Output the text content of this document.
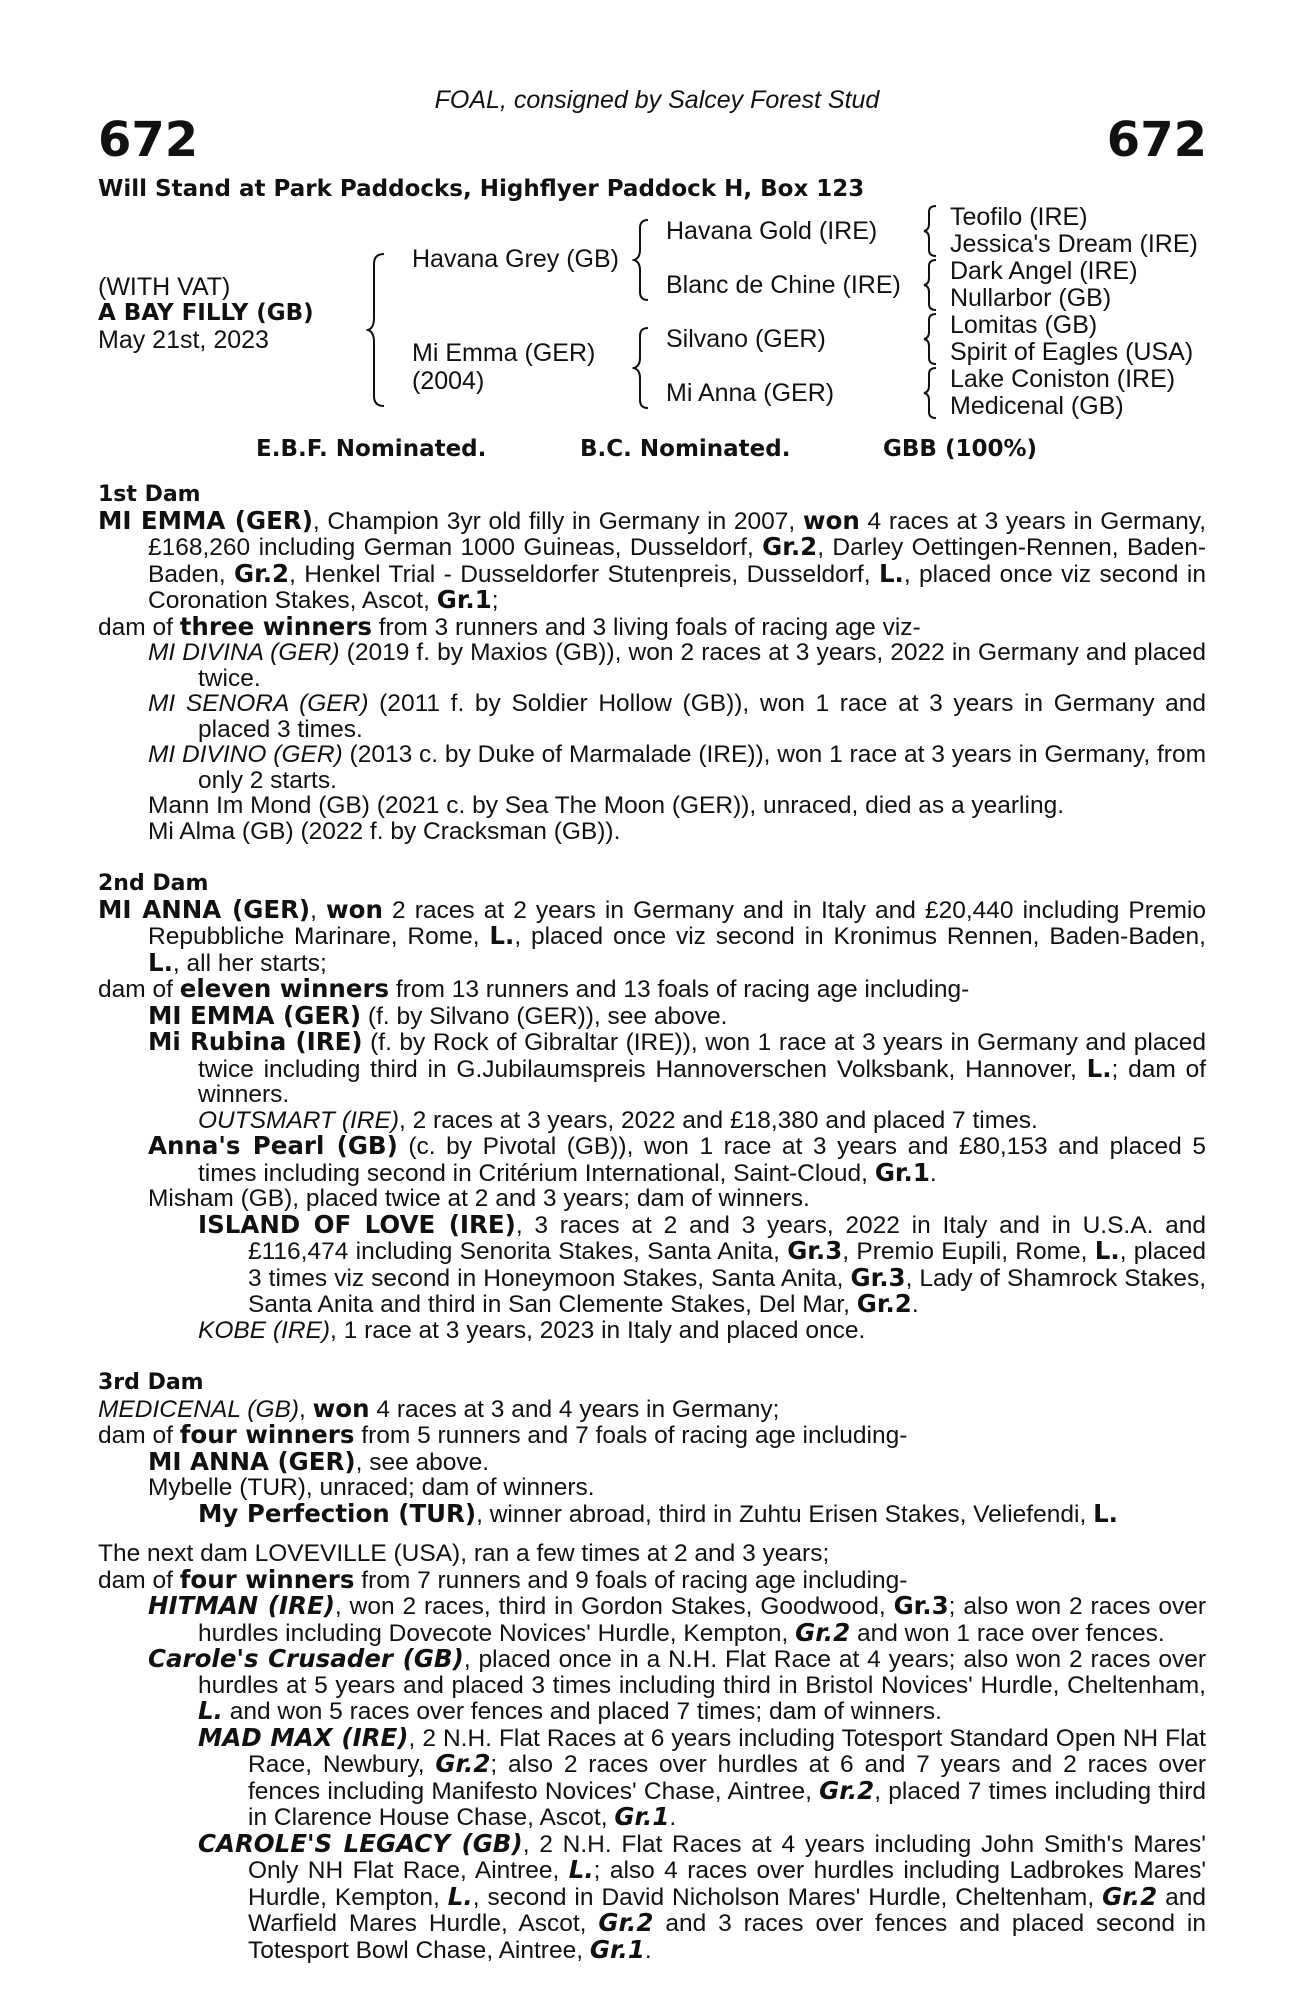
FOAL, consigned by Salcey Forest Stud
672	672
Will Stand at Park Paddocks, Highflyer Paddock H, Box 123
(WITH VAT)
A BAY FILLY (GB)
May 21st, 2023
Havana Grey (GB)
Mi Emma (GER)
(2004)
Havana Gold (IRE)
Blanc de Chine (IRE)
Silvano (GER)
Mi Anna (GER)
Teofilo (IRE)
Jessica's Dream (IRE)
Dark Angel (IRE)
Nullarbor (GB)
Lomitas (GB)
Spirit of Eagles (USA)
Lake Coniston (IRE)
Medicenal (GB)
E.B.F. Nominated.	B.C. Nominated.	GBB (100%)
1st Dam
MI EMMA (GER), Champion 3yr old filly in Germany in 2007, won 4 races at 3 years in Germany, £168,260 including German 1000 Guineas, Dusseldorf, Gr.2, Darley Oettingen-Rennen, Baden-Baden, Gr.2, Henkel Trial - Dusseldorfer Stutenpreis, Dusseldorf, L., placed once viz second in Coronation Stakes, Ascot, Gr.1;
dam of three winners from 3 runners and 3 living foals of racing age viz-
MI DIVINA (GER) (2019 f. by Maxios (GB)), won 2 races at 3 years, 2022 in Germany and placed twice.
MI SENORA (GER) (2011 f. by Soldier Hollow (GB)), won 1 race at 3 years in Germany and placed 3 times.
MI DIVINO (GER) (2013 c. by Duke of Marmalade (IRE)), won 1 race at 3 years in Germany, from only 2 starts.
Mann Im Mond (GB) (2021 c. by Sea The Moon (GER)), unraced, died as a yearling.
Mi Alma (GB) (2022 f. by Cracksman (GB)).
2nd Dam
MI ANNA (GER), won 2 races at 2 years in Germany and in Italy and £20,440 including Premio Repubbliche Marinare, Rome, L., placed once viz second in Kronimus Rennen, Baden-Baden, L., all her starts;
dam of eleven winners from 13 runners and 13 foals of racing age including-
MI EMMA (GER) (f. by Silvano (GER)), see above.
Mi Rubina (IRE) (f. by Rock of Gibraltar (IRE)), won 1 race at 3 years in Germany and placed twice including third in G.Jubilaumspreis Hannoverschen Volksbank, Hannover, L.; dam of winners.
OUTSMART (IRE), 2 races at 3 years, 2022 and £18,380 and placed 7 times.
Anna's Pearl (GB) (c. by Pivotal (GB)), won 1 race at 3 years and £80,153 and placed 5 times including second in Critérium International, Saint-Cloud, Gr.1.
Misham (GB), placed twice at 2 and 3 years; dam of winners.
ISLAND OF LOVE (IRE), 3 races at 2 and 3 years, 2022 in Italy and in U.S.A. and £116,474 including Senorita Stakes, Santa Anita, Gr.3, Premio Eupili, Rome, L., placed 3 times viz second in Honeymoon Stakes, Santa Anita, Gr.3, Lady of Shamrock Stakes, Santa Anita and third in San Clemente Stakes, Del Mar, Gr.2.
KOBE (IRE), 1 race at 3 years, 2023 in Italy and placed once.
3rd Dam
MEDICENAL (GB), won 4 races at 3 and 4 years in Germany;
dam of four winners from 5 runners and 7 foals of racing age including-
MI ANNA (GER), see above.
Mybelle (TUR), unraced; dam of winners.
My Perfection (TUR), winner abroad, third in Zuhtu Erisen Stakes, Veliefendi, L.
The next dam LOVEVILLE (USA), ran a few times at 2 and 3 years;
dam of four winners from 7 runners and 9 foals of racing age including-
HITMAN (IRE), won 2 races, third in Gordon Stakes, Goodwood, Gr.3; also won 2 races over hurdles including Dovecote Novices' Hurdle, Kempton, Gr.2 and won 1 race over fences.
Carole's Crusader (GB), placed once in a N.H. Flat Race at 4 years; also won 2 races over hurdles at 5 years and placed 3 times including third in Bristol Novices' Hurdle, Cheltenham, L. and won 5 races over fences and placed 7 times; dam of winners.
MAD MAX (IRE), 2 N.H. Flat Races at 6 years including Totesport Standard Open NH Flat Race, Newbury, Gr.2; also 2 races over hurdles at 6 and 7 years and 2 races over fences including Manifesto Novices' Chase, Aintree, Gr.2, placed 7 times including third in Clarence House Chase, Ascot, Gr.1.
CAROLE'S LEGACY (GB), 2 N.H. Flat Races at 4 years including John Smith's Mares' Only NH Flat Race, Aintree, L.; also 4 races over hurdles including Ladbrokes Mares' Hurdle, Kempton, L., second in David Nicholson Mares' Hurdle, Cheltenham, Gr.2 and Warfield Mares Hurdle, Ascot, Gr.2 and 3 races over fences and placed second in Totesport Bowl Chase, Aintree, Gr.1.
